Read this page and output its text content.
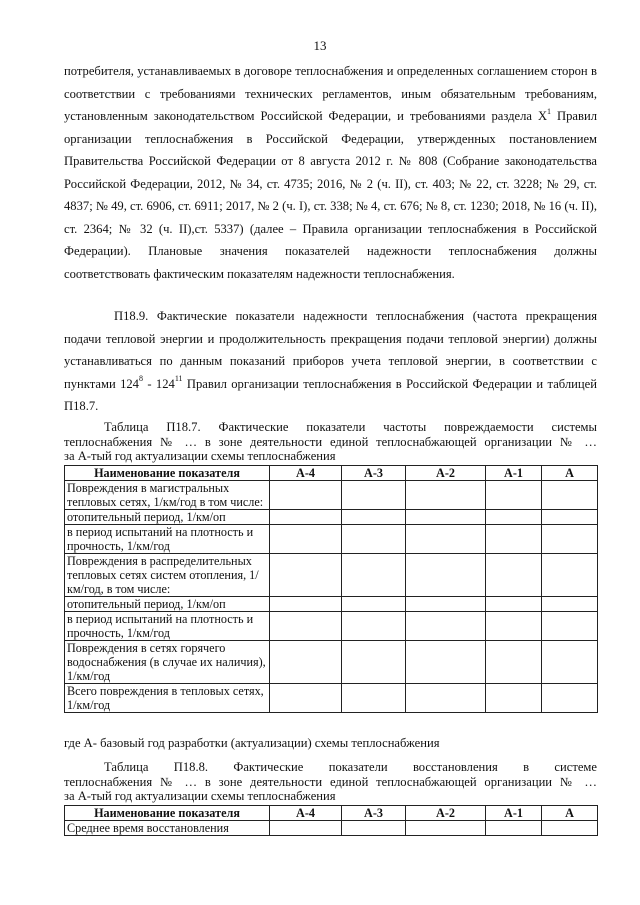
13

потребителя, устанавливаемых в договоре теплоснабжения и определенных соглашением сторон в соответствии с требованиями технических регламентов, иным обязательным требованиям, установленным законодательством Российской Федерации, и требованиями раздела $X^1$ Правил организации теплоснабжения в Российской Федерации, утвержденных постановлением Правительства Российской Федерации от 8 августа 2012 г. № 808 (Собрание законодательства Российской Федерации, 2012, № 34, ст. 4735; 2016, № 2 (ч. II), ст. 403; № 22, ст. 3228; № 29, ст. 4837; № 49, ст. 6906, ст. 6911; 2017, № 2 (ч. I), ст. 338; № 4, ст. 676; № 8, ст. 1230; 2018, № 16 (ч. II), ст. 2364; № 32 (ч. II),ст. 5337) (далее – Правила организации теплоснабжения в Российской Федерации). Плановые значения показателей надежности теплоснабжения должны соответствовать фактическим показателям надежности теплоснабжения.

П18.9. Фактические показатели надежности теплоснабжения (частота прекращения подачи тепловой энергии и продолжительность прекращения подачи тепловой энергии) должны устанавливаться по данным показаний приборов учета тепловой энергии, в соответствии с пунктами $124^8 - 124^{11}$ Правил организации теплоснабжения в Российской Федерации и таблицей П18.7.

Таблица П18.7. Фактические показатели частоты повреждаемости системы
теплоснабжения № … в зоне деятельности единой теплоснабжающей организации № …
за А-тый год актуализации схемы теплоснабжения
Наименование показателя	А-4	А-3	А-2	А-1	А
Повреждения в магистральных тепловых сетях, 1/км/год в том числе:					
отопительный период, 1/км/оп					
в период испытаний на плотность и прочность, 1/км/год					
Повреждения в распределительных тепловых сетях систем отопления, 1/км/год, в том числе:					
отопительный период, 1/км/оп					
в период испытаний на плотность и прочность, 1/км/год					
Повреждения в сетях горячего водоснабжения (в случае их наличия), 1/км/год					
Всего повреждения в тепловых сетях, 1/км/год					
где А- базовый год разработки (актуализации) схемы теплоснабжения
Таблица П18.8. Фактические показатели восстановления в системе
теплоснабжения № … в зоне деятельности единой теплоснабжающей организации № …
за А-тый год актуализации схемы теплоснабжения
Наименование показателя	А-4	А-3	А-2	А-1	А
Среднее время восстановления					
